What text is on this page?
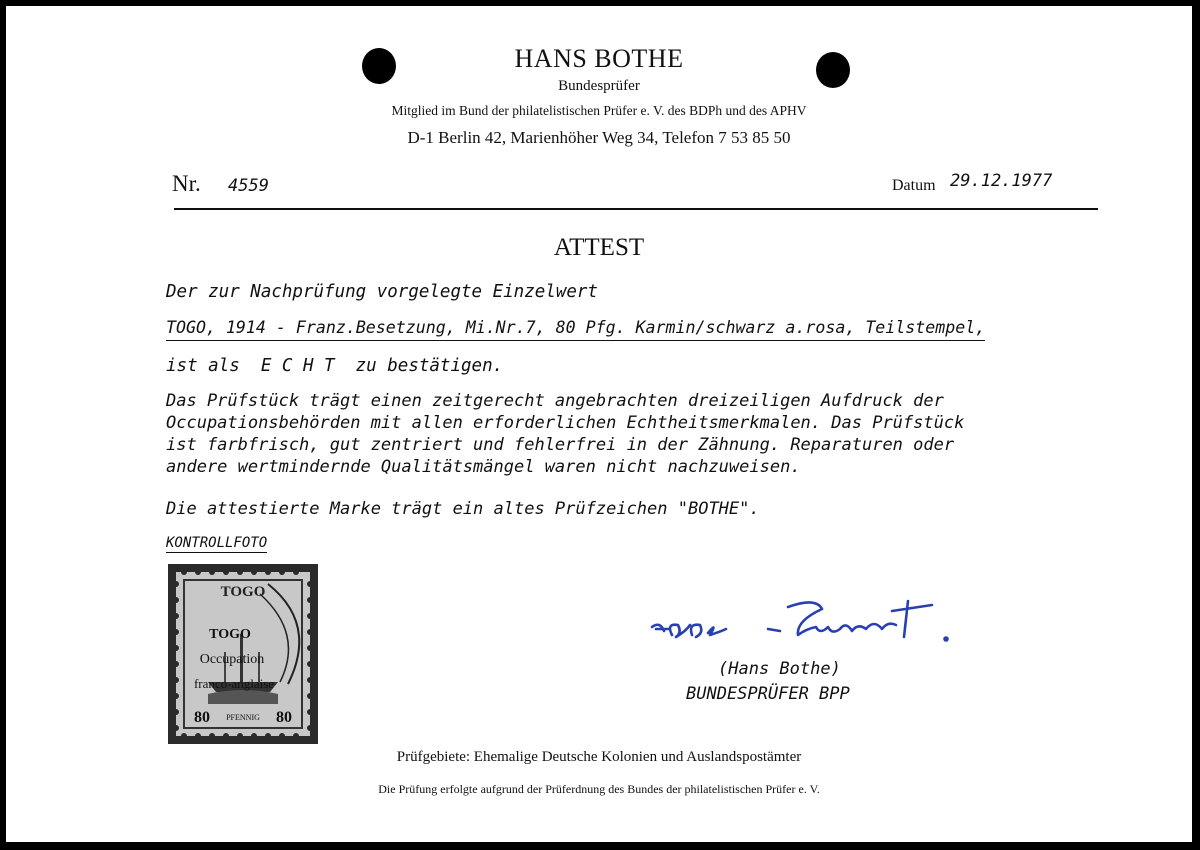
HANS BOTHE
Bundesprüfer
Mitglied im Bund der philatelistischen Prüfer e. V. des BDPh und des APHV
D-1 Berlin 42, Marienhöher Weg 34, Telefon 7 53 85 50
Nr. 4559	Datum 29.12.1977
ATTEST
Der zur Nachprüfung vorgelegte Einzelwert
TOGO, 1914 - Franz.Besetzung, Mi.Nr.7, 80 Pfg. Karmin/schwarz a.rosa, Teilstempel,
ist als  E C H T  zu bestätigen.
Das Prüfstück trägt einen zeitgerecht angebrachten dreizeiligen Aufdruck der
Occupationsbehörden mit allen erforderlichen Echtheitsmerkmalen. Das Prüfstück
ist farbfrisch, gut zentriert und fehlerfrei in der Zähnung. Reparaturen oder
andere wertmindernde Qualitätsmängel waren nicht nachzuweisen.
Die attestierte Marke trägt ein altes Prüfzeichen "BOTHE".
KONTROLLFOTO
TOGO
TOGO
Occupation
franco-anglaise
80	80
PFENNIG
(Hans Bothe)
BUNDESPRÜFER BPP
Prüfgebiete: Ehemalige Deutsche Kolonien und Auslandspostämter
Die Prüfung erfolgte aufgrund der Prüferdnung des Bundes der philatelistischen Prüfer e. V.
